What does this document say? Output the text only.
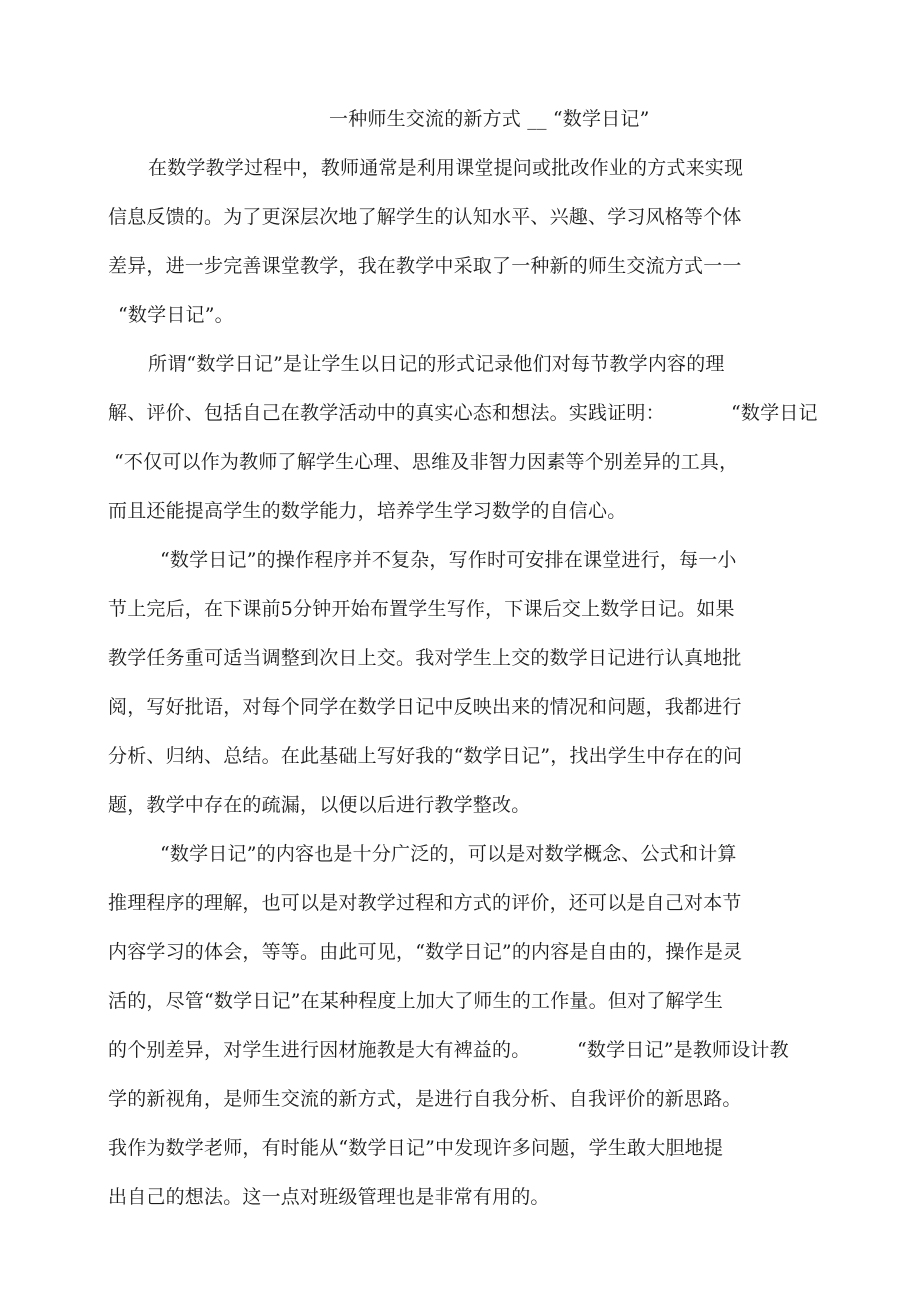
一种师生交流的新方式 __ “数学日记”
在数学教学过程中，教师通常是利用课堂提问或批改作业的方式来实现
信息反馈的。为了更深层次地了解学生的认知水平、兴趣、学习风格等个体
差异，进一步完善课堂教学，我在教学中采取了一种新的师生交流方式一一
“数学日记”。
所谓“数学日记”是让学生以日记的形式记录他们对每节教学内容的理
解、评价、包括自己在教学活动中的真实心态和想法。实践证明：	“数学日记
“不仅可以作为教师了解学生心理、思维及非智力因素等个别差异的工具，
而且还能提高学生的数学能力，培养学生学习数学的自信心。
“数学日记”的操作程序并不复杂，写作时可安排在课堂进行，每一小
节上完后，在下课前5分钟开始布置学生写作，下课后交上数学日记。如果
教学任务重可适当调整到次日上交。我对学生上交的数学日记进行认真地批
阅，写好批语，对每个同学在数学日记中反映出来的情况和问题，我都进行
分析、归纳、总结。在此基础上写好我的“数学日记”，找出学生中存在的问
题，教学中存在的疏漏，以便以后进行教学整改。
“数学日记”的内容也是十分广泛的，可以是对数学概念、公式和计算
推理程序的理解，也可以是对教学过程和方式的评价，还可以是自己对本节
内容学习的体会，等等。由此可见，“数学日记”的内容是自由的，操作是灵
活的，尽管“数学日记”在某种程度上加大了师生的工作量。但对了解学生
的个别差异，对学生进行因材施教是大有裨益的。 “数学日记”是教师设计教
学的新视角，是师生交流的新方式，是进行自我分析、自我评价的新思路。
我作为数学老师，有时能从“数学日记”中发现许多问题，学生敢大胆地提
出自己的想法。这一点对班级管理也是非常有用的。
